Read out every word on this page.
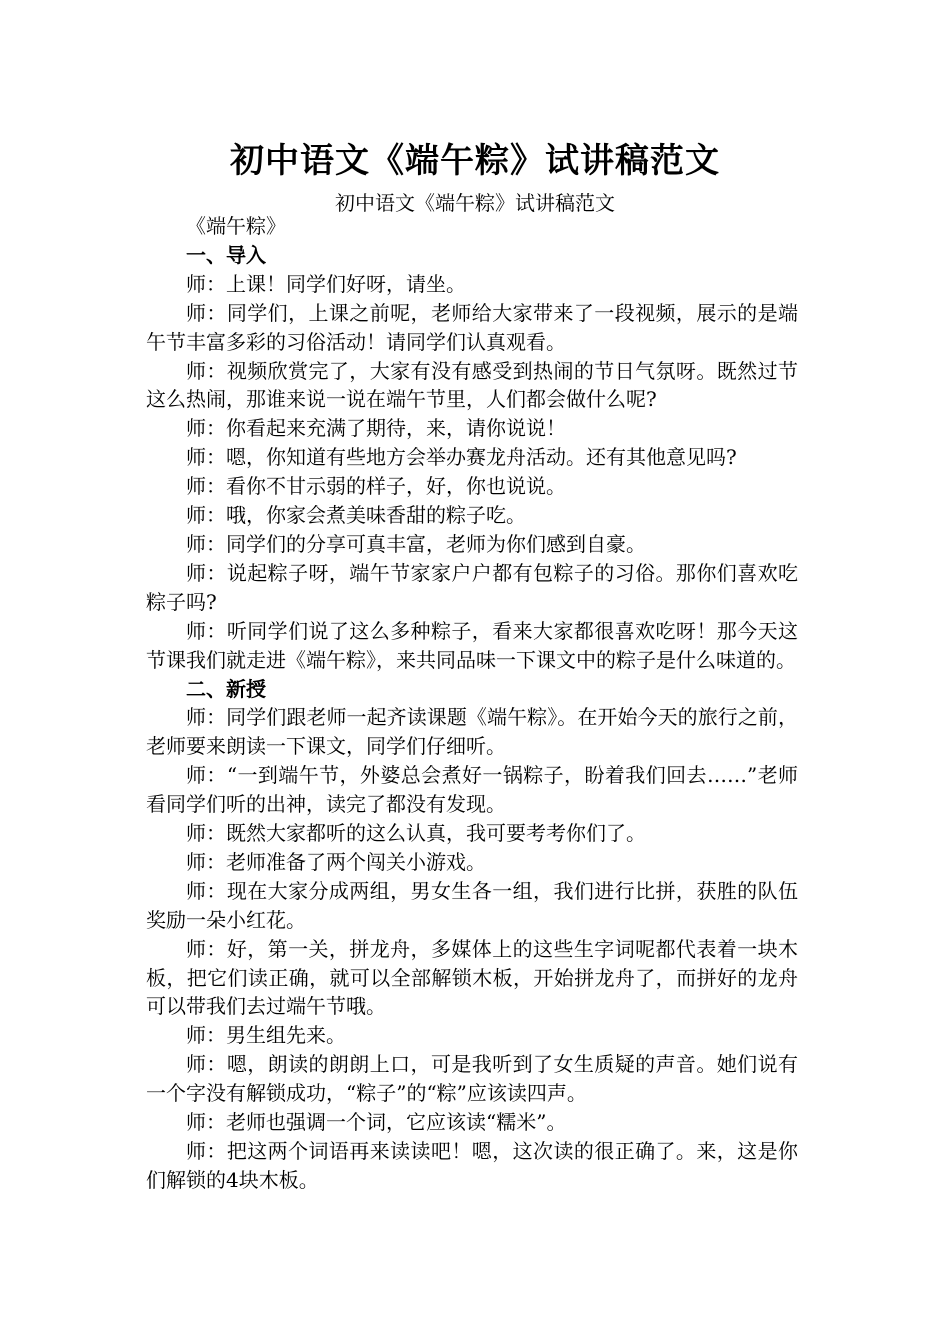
初中语文《端午粽》试讲稿范文
初中语文《端午粽》试讲稿范文

《端午粽》

一、导入

师：上课！同学们好呀，请坐。

师：同学们，上课之前呢，老师给大家带来了一段视频，展示的是端午节丰富多彩的习俗活动！请同学们认真观看。

师：视频欣赏完了，大家有没有感受到热闹的节日气氛呀。既然过节这么热闹，那谁来说一说在端午节里，人们都会做什么呢?

师：你看起来充满了期待，来，请你说说！

师：嗯，你知道有些地方会举办赛龙舟活动。还有其他意见吗?

师：看你不甘示弱的样子，好，你也说说。

师：哦，你家会煮美味香甜的粽子吃。

师：同学们的分享可真丰富，老师为你们感到自豪。

师：说起粽子呀，端午节家家户户都有包粽子的习俗。那你们喜欢吃粽子吗?

师：听同学们说了这么多种粽子，看来大家都很喜欢吃呀！那今天这节课我们就走进《端午粽》，来共同品味一下课文中的粽子是什么味道的。

二、新授

师：同学们跟老师一起齐读课题《端午粽》。在开始今天的旅行之前，老师要来朗读一下课文，同学们仔细听。

师：“一到端午节，外婆总会煮好一锅粽子，盼着我们回去……”老师看同学们听的出神，读完了都没有发现。

师：既然大家都听的这么认真，我可要考考你们了。

师：老师准备了两个闯关小游戏。

师：现在大家分成两组，男女生各一组，我们进行比拼，获胜的队伍奖励一朵小红花。

师：好，第一关，拼龙舟，多媒体上的这些生字词呢都代表着一块木板，把它们读正确，就可以全部解锁木板，开始拼龙舟了，而拼好的龙舟可以带我们去过端午节哦。

师：男生组先来。

师：嗯，朗读的朗朗上口，可是我听到了女生质疑的声音。她们说有一个字没有解锁成功，“粽子”的“粽”应该读四声。

师：老师也强调一个词，它应该读“糯米”。

师：把这两个词语再来读读吧！嗯，这次读的很正确了。来，这是你们解锁的4块木板。
